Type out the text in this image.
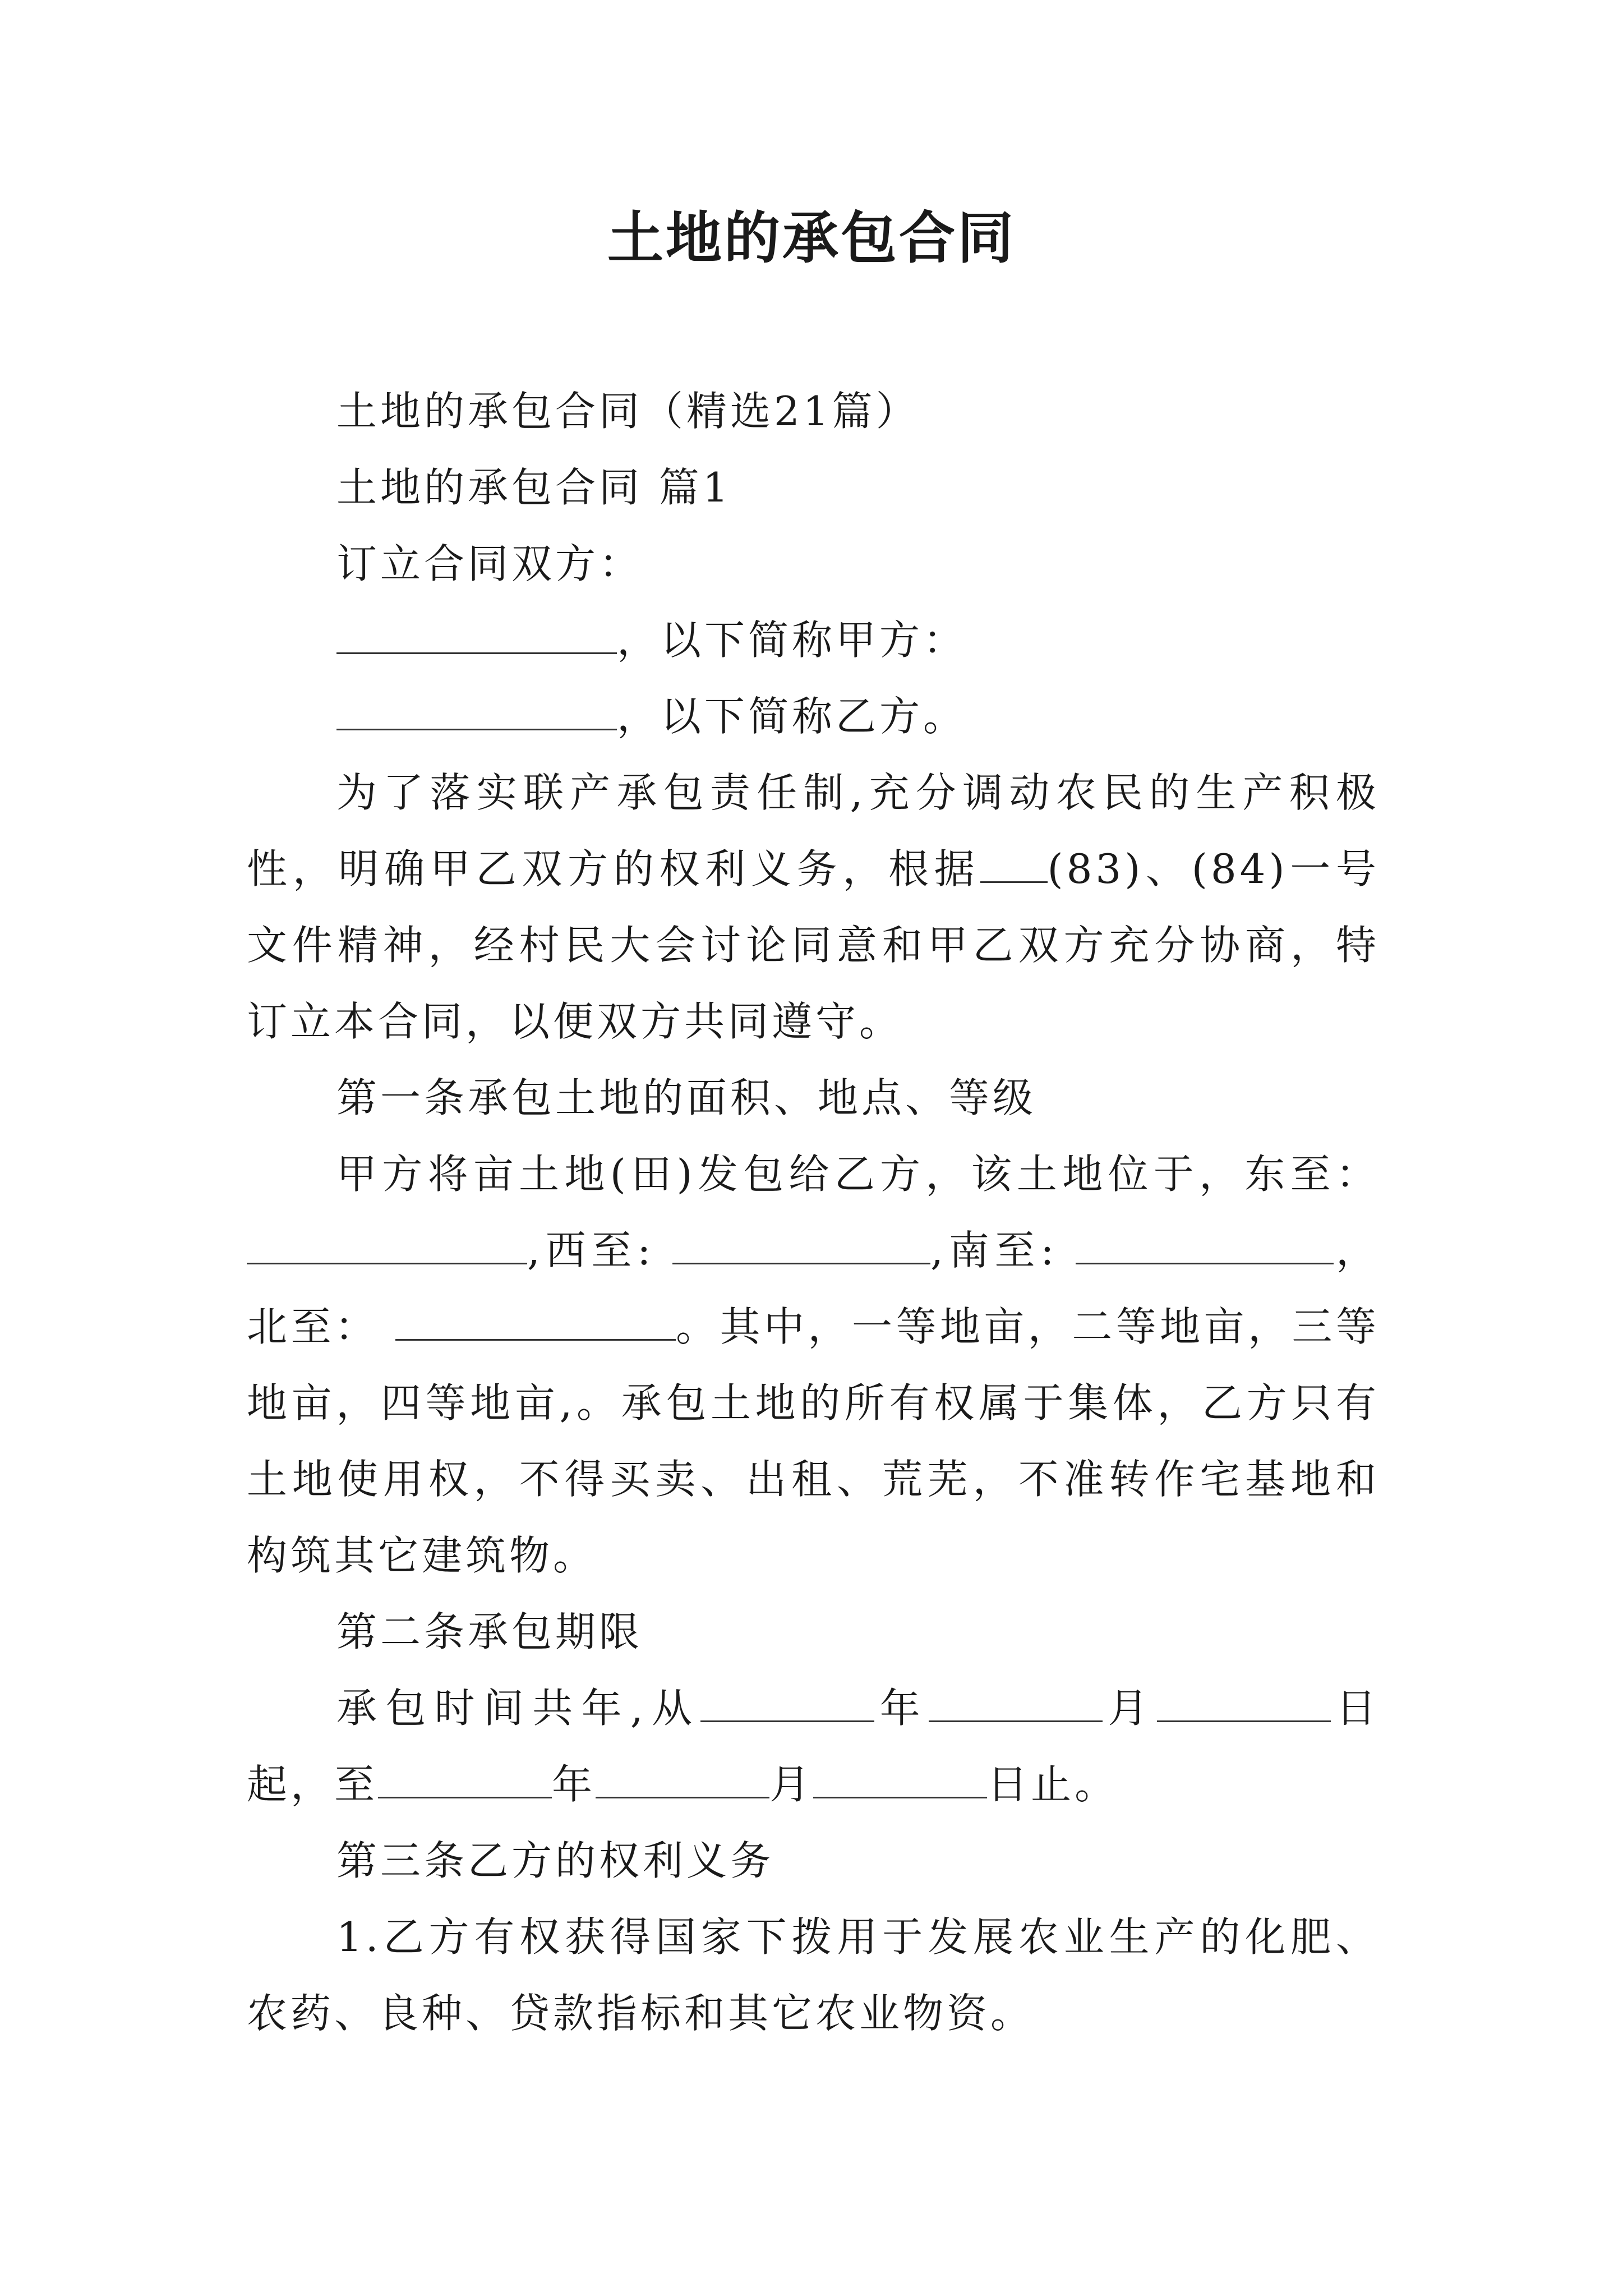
土地的承包合同

土地的承包合同（精选21篇）

土地的承包合同 篇1

订立合同双方：

，以下简称甲方：

，以下简称乙方。

为了落实联产承包责任制,充分调动农民的生产积极性，明确甲乙双方的权利义务，根据 (83)、(84)一号文件精神，经村民大会讨论同意和甲乙双方充分协商，特订立本合同，以便双方共同遵守。

第一条承包土地的面积、地点、等级

甲方将亩土地(田)发包给乙方，该土地位于，东至：,西至:	,南至:	，北至：	。其中，一等地亩，二等地亩，三等地亩，四等地亩,。承包土地的所有权属于集体，乙方只有土地使用权，不得买卖、出租、荒芜，不准转作宅基地和构筑其它建筑物。

第二条承包期限

承包时间共年,从	年	月	日起，至	年	月	日止。

第三条乙方的权利义务

1.乙方有权获得国家下拨用于发展农业生产的化肥、农药、良种、贷款指标和其它农业物资。
